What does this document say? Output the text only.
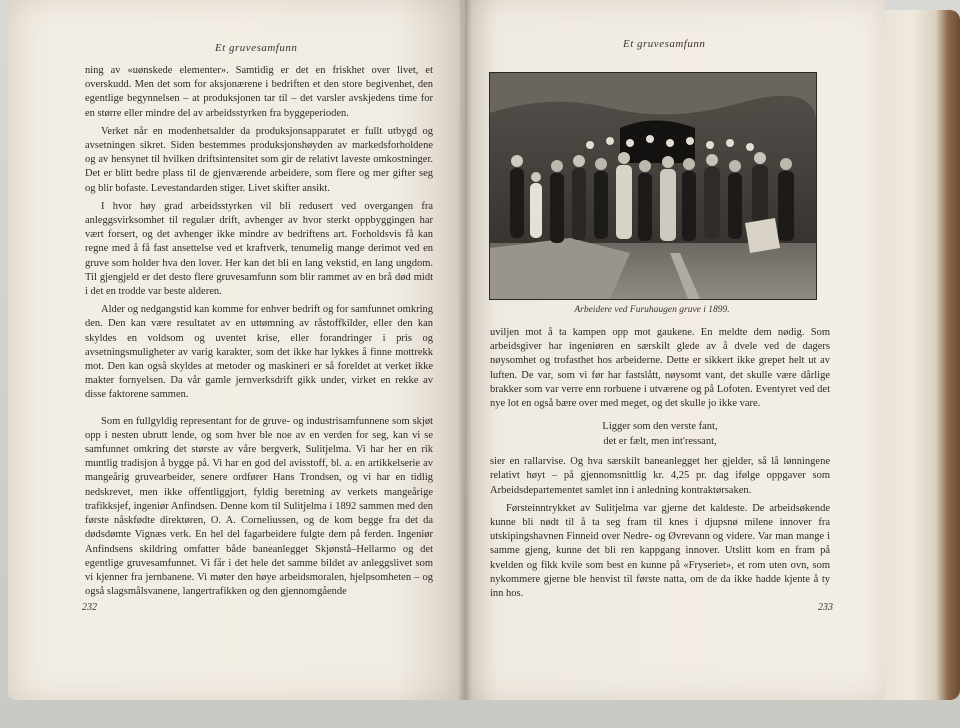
Et gruvesamfunn

ning av «uønskede elementer». Samtidig er det en friskhet over livet, et overskudd. Men det som for aksjonærene i bedriften et den store begivenhet, den egentlige begynnelsen – at produksjonen tar til – det varsler avskjedens time for en større eller mindre del av arbeidsstyrken fra byggeperioden.

Verket når en modenhetsalder da produksjonsapparatet er fullt utbygd og avsetningen sikret. Siden bestemmes produksjonshøyden av markedsforholdene og av hensynet til hvilken driftsintensitet som gir de relativt laveste omkostninger. Det er blitt bedre plass til de gjenværende arbeidere, som flere og mer gifter seg og blir bofaste. Levestandarden stiger. Livet skifter ansikt.

I hvor høy grad arbeidsstyrken vil bli redusert ved overgangen fra anleggsvirksomhet til regulær drift, avhenger av hvor sterkt oppbyggingen har vært forsert, og det avhenger ikke mindre av bedriftens art. Forholdsvis få kan regne med å få fast ansettelse ved et kraftverk, tenumelig mange derimot ved en gruve som holder hva den lover. Her kan det bli en lang vekstid, en lang ungdom. Til gjengjeld er det desto flere gruvesamfunn som blir rammet av en brå død midt i det en trodde var beste alderen.

Alder og nedgangstid kan komme for enhver bedrift og for samfunnet omkring den. Den kan være resultatet av en uttømning av råstoffkilder, eller den kan skyldes en voldsom og uventet krise, eller forandringer i pris og avsetningsmuligheter av varig karakter, som det ikke har lykkes å finne mottrekk mot. Den kan også skyldes at metoder og maskineri er så foreldet at verket ikke makter fornyelsen. Da vår gamle jernverksdrift gikk under, virket en rekke av disse faktorene sammen.

Som en fullgyldig representant for de gruve- og industrisamfunnene som skjøt opp i nesten ubrutt lende, og som hver ble noe av en verden for seg, kan vi se samfunnet omkring det største av våre bergverk, Sulitjelma. Vi har her en rik muntlig tradisjon å bygge på. Vi har en god del avisstoff, bl. a. en artikkelserie av mangeårig gruvearbeider, senere ordfører Hans Trondsen, og vi har en tidlig nedskrevet, men ikke offentliggjort, fyldig beretning av verkets mangeårige trafikksjef, ingeniør Anfindsen. Denne kom til Sulitjelma i 1892 sammen med den første nåskfødte direktøren, O. A. Corneliussen, og de kom begge fra det da dødsdømte Vignæs verk. En hel del fagarbeidere fulgte dem på ferden. Ingeniør Anfindsens skildring omfatter både baneanlegget Skjønstå–Hellarmo og det egentlige gruvesamfunnet. Vi får i det hele det samme bildet av anleggslivet som vi kjenner fra jernbanene. Vi møter den høye arbeidsmoralen, hjelpsomheten – og også slagsmålsvanene, langertrafikken og den gjennomgående

232
Et gruvesamfunn
Arbeidere ved Furuhaugen gruve i 1899.

uviljen mot å ta kampen opp mot gaukene. En meldte dem nødig. Som arbeidsgiver har ingeniøren en særskilt glede av å dvele ved de dagers nøysomhet og trofasthet hos arbeiderne. Dette er sikkert ikke grepet helt ut av luften. De var, som vi før har fastslått, nøysomt vant, det skulle være dårlige brakker som var verre enn rorbuene i utværene og på Lofoten. Eventyret ved det nye lot en også bære over med meget, og det skulle jo ikke vare.

Ligger som den verste fant,
det er fælt, men int'ressant,

sier en rallarvise. Og hva særskilt baneanlegget her gjelder, så lå lønningene relativt høyt – på gjennomsnittlig kr. 4,25 pr. dag ifølge oppgaver som Arbeidsdepartementet samlet inn i anledning kontraktørsaken.

Førsteinntrykket av Sulitjelma var gjerne det kaldeste. De arbeidsøkende kunne bli nødt til å ta seg fram til knes i djupsnø milene innover fra utskipingshavnen Finneid over Nedre- og Øvrevann og videre. Var man mange i samme gjeng, kunne det bli ren kappgang innover. Utslitt kom en fram på kvelden og fikk kvile som best en kunne på «Fryseriet», et rom uten ovn, som nykommere gjerne ble henvist til første natta, om de da ikke hadde kjente å ty inn hos.

233
